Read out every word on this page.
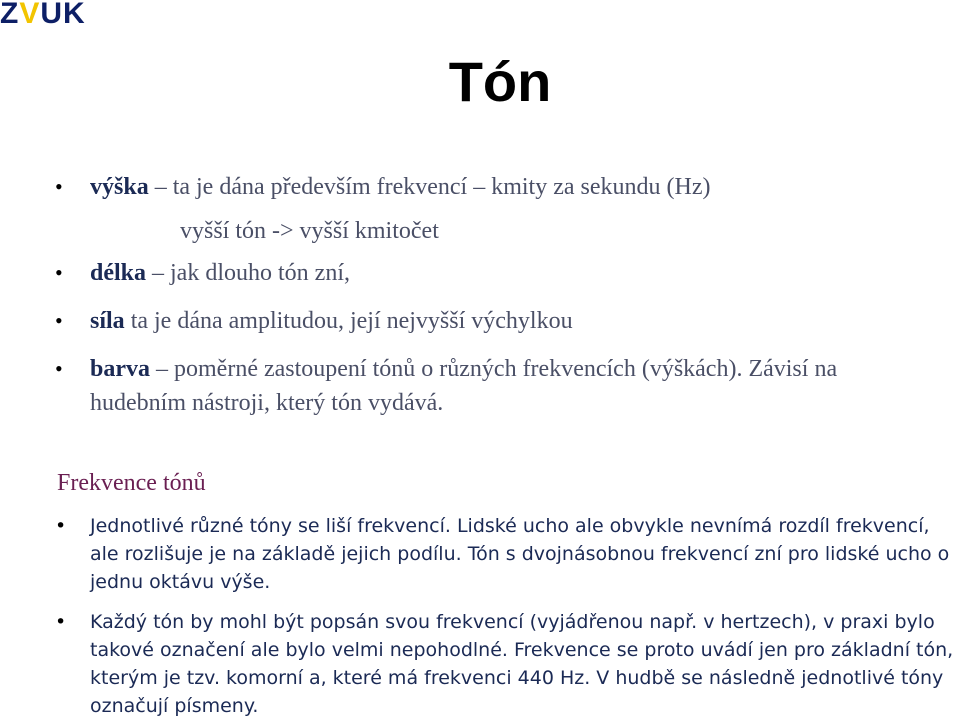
ZVUK
Tón
• výška – ta je dána především frekvencí – kmity za sekundu (Hz)
vyšší tón -> vyšší kmitočet
• délka – jak dlouho tón zní,
• síla ta je dána amplitudou, její nejvyšší výchylkou
• barva – poměrné zastoupení tónů o různých frekvencích (výškách). Závisí na hudebním nástroji, který tón vydává.
Frekvence tónů
• Jednotlivé různé tóny se liší frekvencí. Lidské ucho ale obvykle nevnímá rozdíl frekvencí, ale rozlišuje je na základě jejich podílu. Tón s dvojnásobnou frekvencí zní pro lidské ucho o jednu oktávu výše.
• Každý tón by mohl být popsán svou frekvencí (vyjádřenou např. v hertzech), v praxi bylo takové označení ale bylo velmi nepohodlné. Frekvence se proto uvádí jen pro základní tón, kterým je tzv. komorní a, které má frekvenci 440 Hz. V hudbě se následně jednotlivé tóny označují písmeny.
